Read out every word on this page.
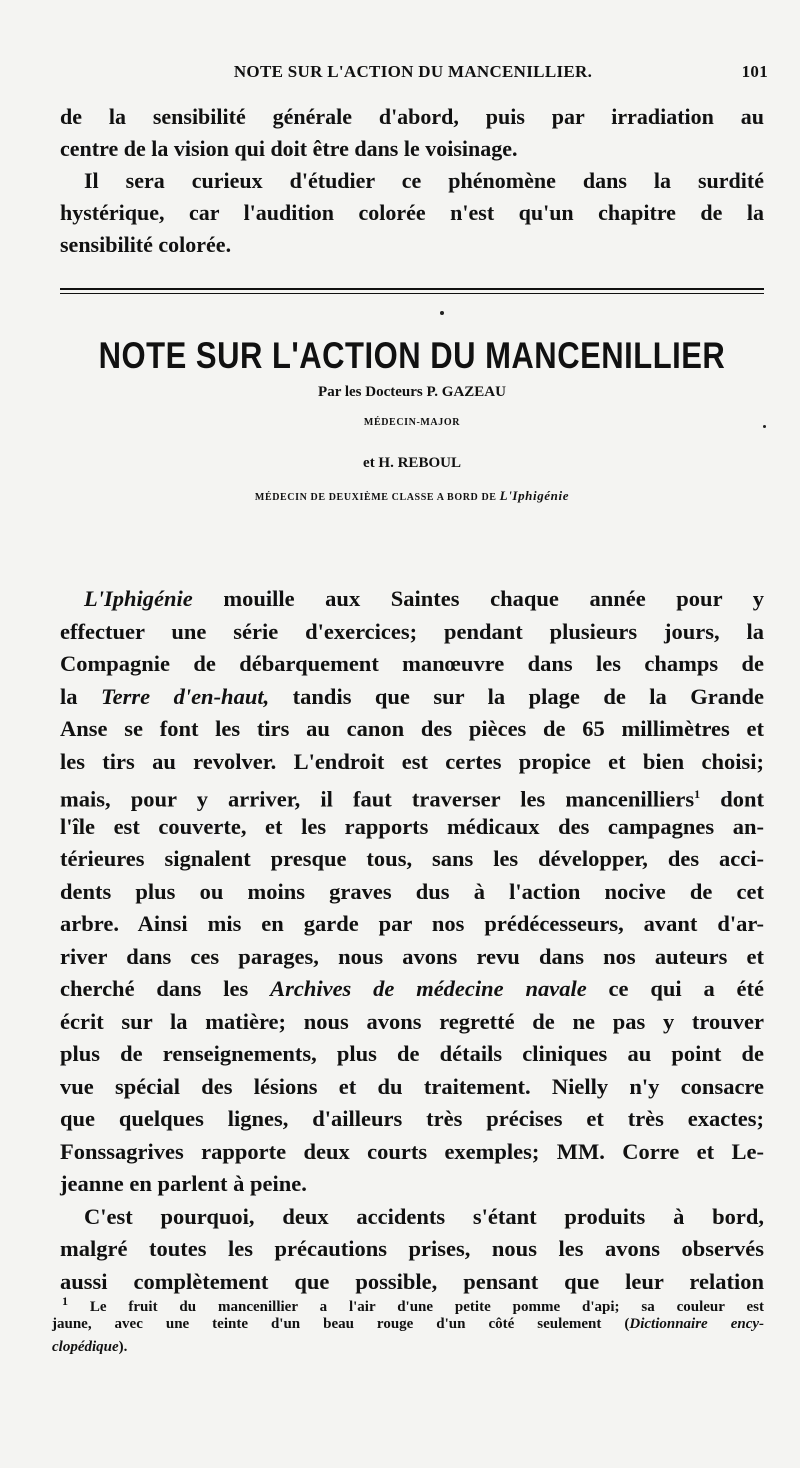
NOTE SUR L'ACTION DU MANCENILLIER.	101
de la sensibilité générale d'abord, puis par irradiation au
centre de la vision qui doit être dans le voisinage.
Il sera curieux d'étudier ce phénomène dans la surdité
hystérique, car l'audition colorée n'est qu'un chapitre de la
sensibilité colorée.
NOTE SUR L'ACTION DU MANCENILLIER
Par les Docteurs P. GAZEAU
MÉDECIN-MAJOR
et H. REBOUL
MÉDECIN DE DEUXIÈME CLASSE A BORD DE L'Iphigénie
L'Iphigénie mouille aux Saintes chaque année pour y
effectuer une série d'exercices; pendant plusieurs jours, la
Compagnie de débarquement manœuvre dans les champs de
la Terre d'en-haut, tandis que sur la plage de la Grande
Anse se font les tirs au canon des pièces de 65 millimètres et
les tirs au revolver. L'endroit est certes propice et bien choisi;
mais, pour y arriver, il faut traverser les mancenilliers$^1$ dont
l'île est couverte, et les rapports médicaux des campagnes an-
térieures signalent presque tous, sans les développer, des acci-
dents plus ou moins graves dus à l'action nocive de cet
arbre. Ainsi mis en garde par nos prédécesseurs, avant d'ar-
river dans ces parages, nous avons revu dans nos auteurs et
cherché dans les Archives de médecine navale ce qui a été
écrit sur la matière; nous avons regretté de ne pas y trouver
plus de renseignements, plus de détails cliniques au point de
vue spécial des lésions et du traitement. Nielly n'y consacre
que quelques lignes, d'ailleurs très précises et très exactes;
Fonssagrives rapporte deux courts exemples; MM. Corre et Le-
jeanne en parlent à peine.
C'est pourquoi, deux accidents s'étant produits à bord,
malgré toutes les précautions prises, nous les avons observés
aussi complètement que possible, pensant que leur relation
$^1$ Le fruit du mancenillier a l'air d'une petite pomme d'api; sa couleur est
jaune, avec une teinte d'un beau rouge d'un côté seulement (Dictionnaire ency-
clopédique).
